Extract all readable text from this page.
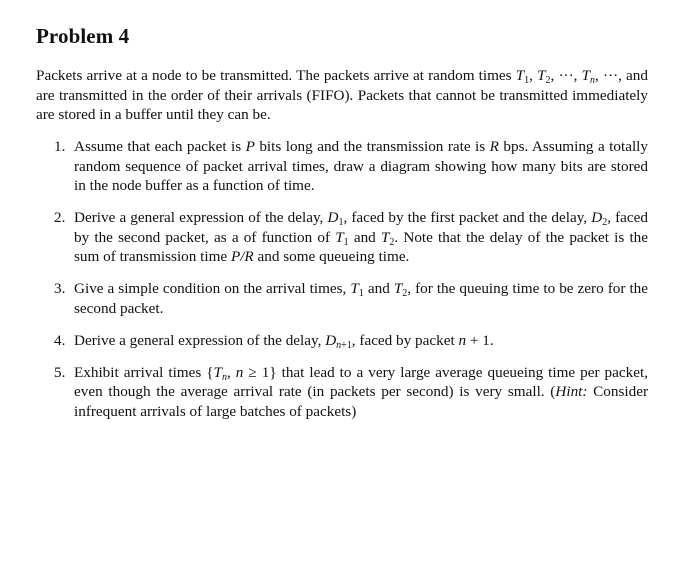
Problem 4
Packets arrive at a node to be transmitted. The packets arrive at random times $T_1$, $T_2$, ···, $T_n$, ···, and are transmitted in the order of their arrivals (FIFO). Packets that cannot be transmitted immediately are stored in a buffer until they can be.
1. Assume that each packet is P bits long and the transmission rate is R bps. Assuming a totally random sequence of packet arrival times, draw a diagram showing how many bits are stored in the node buffer as a function of time.
2. Derive a general expression of the delay, $D_1$, faced by the first packet and the delay, $D_2$, faced by the second packet, as a of function of $T_1$ and $T_2$. Note that the delay of the packet is the sum of transmission time P/R and some queueing time.
3. Give a simple condition on the arrival times, $T_1$ and $T_2$, for the queuing time to be zero for the second packet.
4. Derive a general expression of the delay, $D_{n+1}$, faced by packet n + 1.
5. Exhibit arrival times {$T_n$, n ≥ 1} that lead to a very large average queueing time per packet, even though the average arrival rate (in packets per second) is very small. (Hint: Consider infrequent arrivals of large batches of packets)
